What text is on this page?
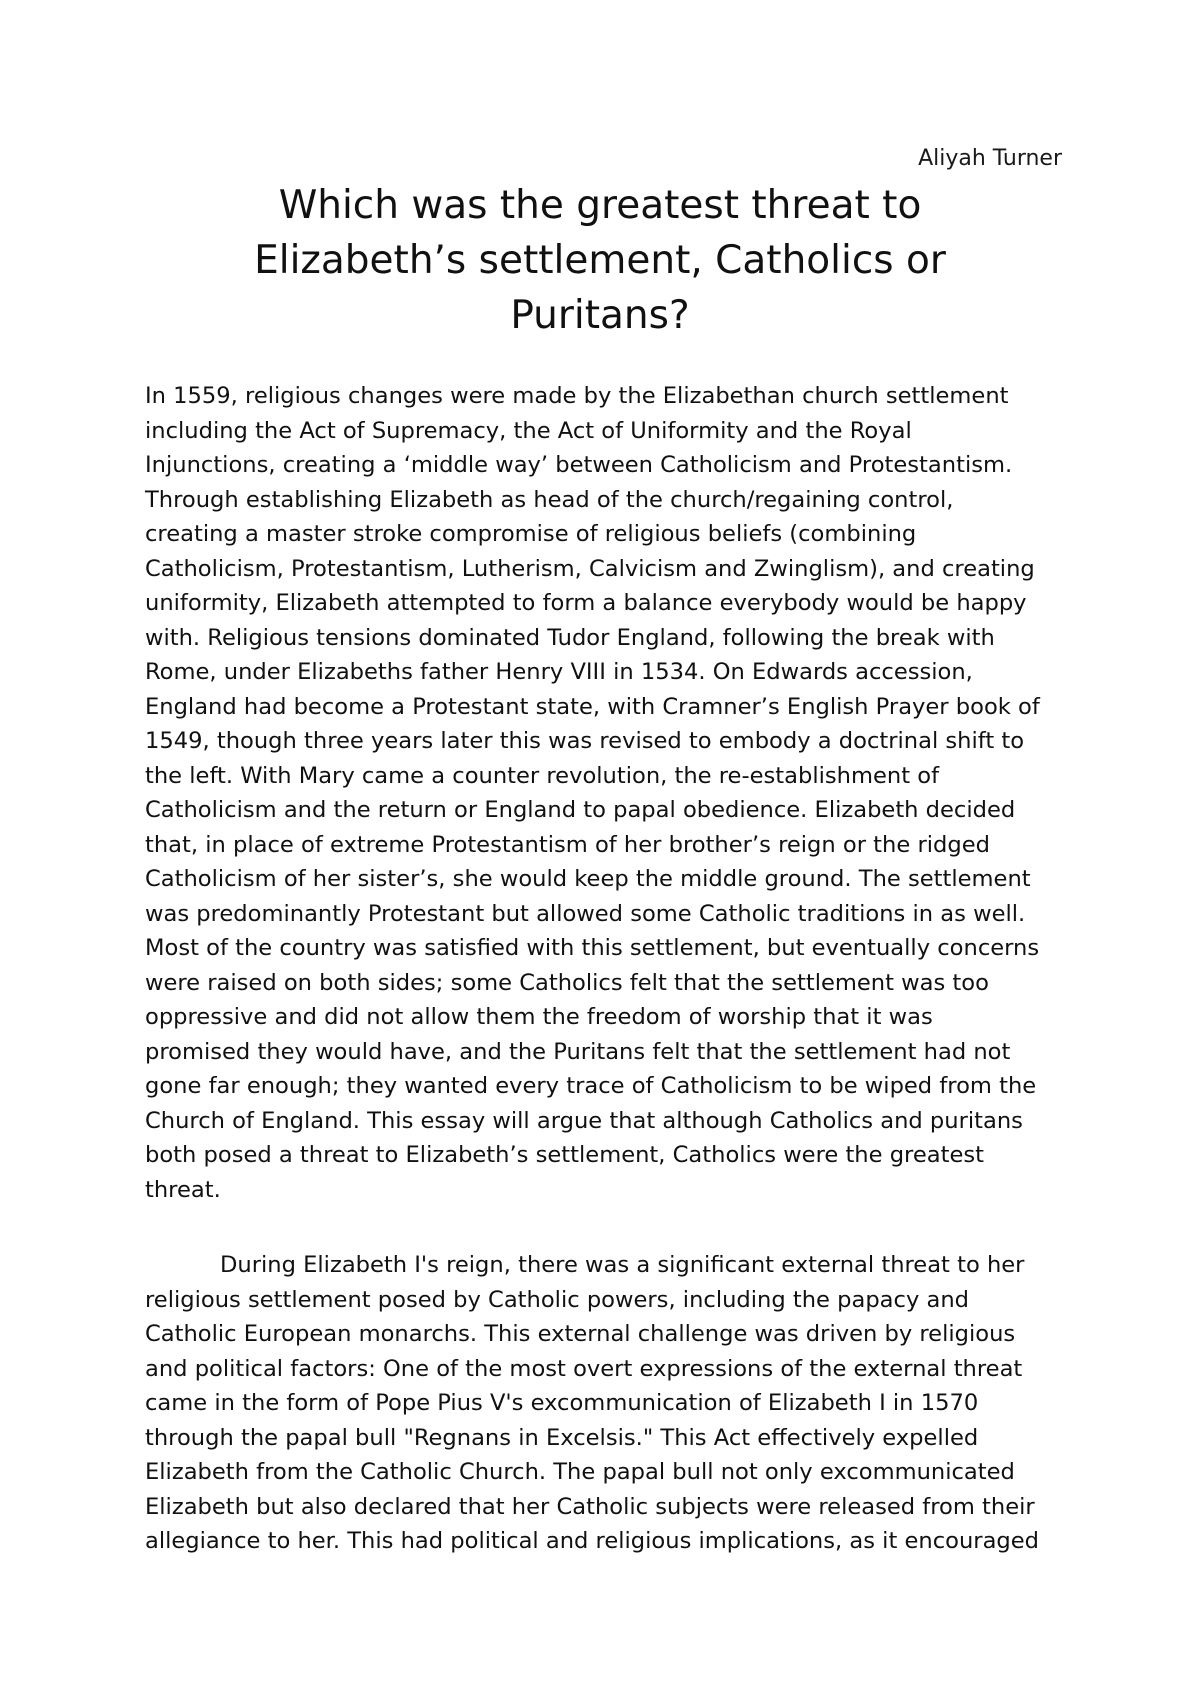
Aliyah Turner
Which was the greatest threat to
Elizabeth’s settlement, Catholics or
Puritans?

In 1559, religious changes were made by the Elizabethan church settlement
including the Act of Supremacy, the Act of Uniformity and the Royal
Injunctions, creating a ‘middle way’ between Catholicism and Protestantism.
Through establishing Elizabeth as head of the church/regaining control,
creating a master stroke compromise of religious beliefs (combining
Catholicism, Protestantism, Lutherism, Calvicism and Zwinglism), and creating
uniformity, Elizabeth attempted to form a balance everybody would be happy
with. Religious tensions dominated Tudor England, following the break with
Rome, under Elizabeths father Henry VIII in 1534. On Edwards accession,
England had become a Protestant state, with Cramner’s English Prayer book of
1549, though three years later this was revised to embody a doctrinal shift to
the left. With Mary came a counter revolution, the re-establishment of
Catholicism and the return or England to papal obedience. Elizabeth decided
that, in place of extreme Protestantism of her brother’s reign or the ridged
Catholicism of her sister’s, she would keep the middle ground. The settlement
was predominantly Protestant but allowed some Catholic traditions in as well.
Most of the country was satisfied with this settlement, but eventually concerns
were raised on both sides; some Catholics felt that the settlement was too
oppressive and did not allow them the freedom of worship that it was
promised they would have, and the Puritans felt that the settlement had not
gone far enough; they wanted every trace of Catholicism to be wiped from the
Church of England. This essay will argue that although Catholics and puritans
both posed a threat to Elizabeth’s settlement, Catholics were the greatest
threat.

During Elizabeth I's reign, there was a significant external threat to her
religious settlement posed by Catholic powers, including the papacy and
Catholic European monarchs. This external challenge was driven by religious
and political factors: One of the most overt expressions of the external threat
came in the form of Pope Pius V's excommunication of Elizabeth I in 1570
through the papal bull "Regnans in Excelsis." This Act effectively expelled
Elizabeth from the Catholic Church. The papal bull not only excommunicated
Elizabeth but also declared that her Catholic subjects were released from their
allegiance to her. This had political and religious implications, as it encouraged
